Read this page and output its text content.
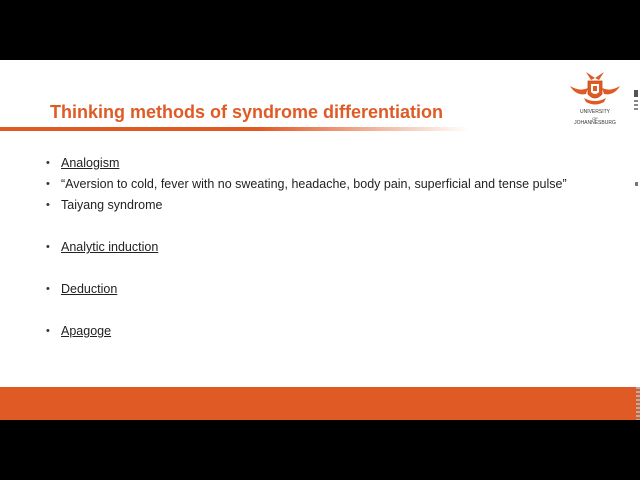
Thinking methods of syndrome differentiation	UNIVERSITY
OF
JOHANNESBURG
• Analogism
• “Aversion to cold, fever with no sweating, headache, body pain, superficial and tense pulse”
• Taiyang syndrome
• Analytic induction
• Deduction
• Apagoge
